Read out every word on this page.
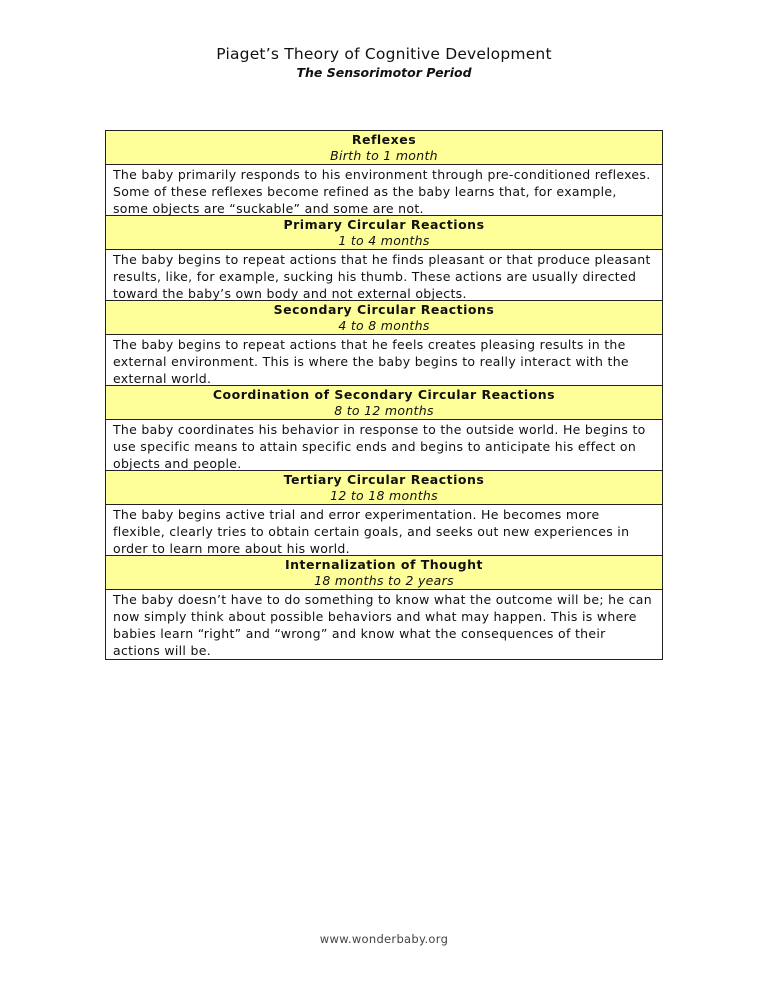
Piaget’s Theory of Cognitive Development
The Sensorimotor Period
Reflexes
Birth to 1 month
The baby primarily responds to his environment through pre-conditioned reflexes. Some of these reflexes become refined as the baby learns that, for example, some objects are “suckable” and some are not.
Primary Circular Reactions
1 to 4 months
The baby begins to repeat actions that he finds pleasant or that produce pleasant results, like, for example, sucking his thumb. These actions are usually directed toward the baby’s own body and not external objects.
Secondary Circular Reactions
4 to 8 months
The baby begins to repeat actions that he feels creates pleasing results in the external environment. This is where the baby begins to really interact with the external world.
Coordination of Secondary Circular Reactions
8 to 12 months
The baby coordinates his behavior in response to the outside world. He begins to use specific means to attain specific ends and begins to anticipate his effect on objects and people.
Tertiary Circular Reactions
12 to 18 months
The baby begins active trial and error experimentation. He becomes more flexible, clearly tries to obtain certain goals, and seeks out new experiences in order to learn more about his world.
Internalization of Thought
18 months to 2 years
The baby doesn’t have to do something to know what the outcome will be; he can now simply think about possible behaviors and what may happen. This is where babies learn “right” and “wrong” and know what the consequences of their actions will be.
www.wonderbaby.org
